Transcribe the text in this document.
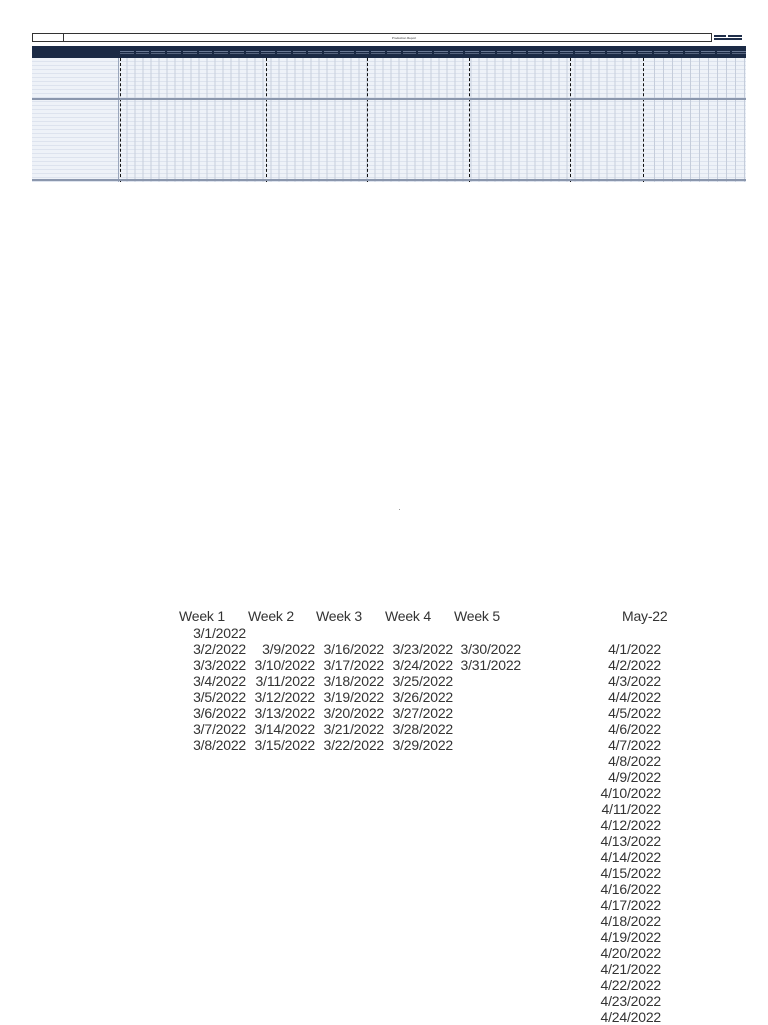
Production Report
Week 1 Week 2 Week 3 Week 4 Week 5
3/1/2022
3/2/2022
3/3/2022
3/4/2022
3/5/2022
3/6/2022
3/7/2022
3/8/2022
3/9/2022
3/10/2022
3/11/2022
3/12/2022
3/13/2022
3/14/2022
3/15/2022
3/16/2022
3/17/2022
3/18/2022
3/19/2022
3/20/2022
3/21/2022
3/22/2022
3/23/2022
3/24/2022
3/25/2022
3/26/2022
3/27/2022
3/28/2022
3/29/2022
3/30/2022
3/31/2022
May-22
4/1/2022
4/2/2022
4/3/2022
4/4/2022
4/5/2022
4/6/2022
4/7/2022
4/8/2022
4/9/2022
4/10/2022
4/11/2022
4/12/2022
4/13/2022
4/14/2022
4/15/2022
4/16/2022
4/17/2022
4/18/2022
4/19/2022
4/20/2022
4/21/2022
4/22/2022
4/23/2022
4/24/2022
